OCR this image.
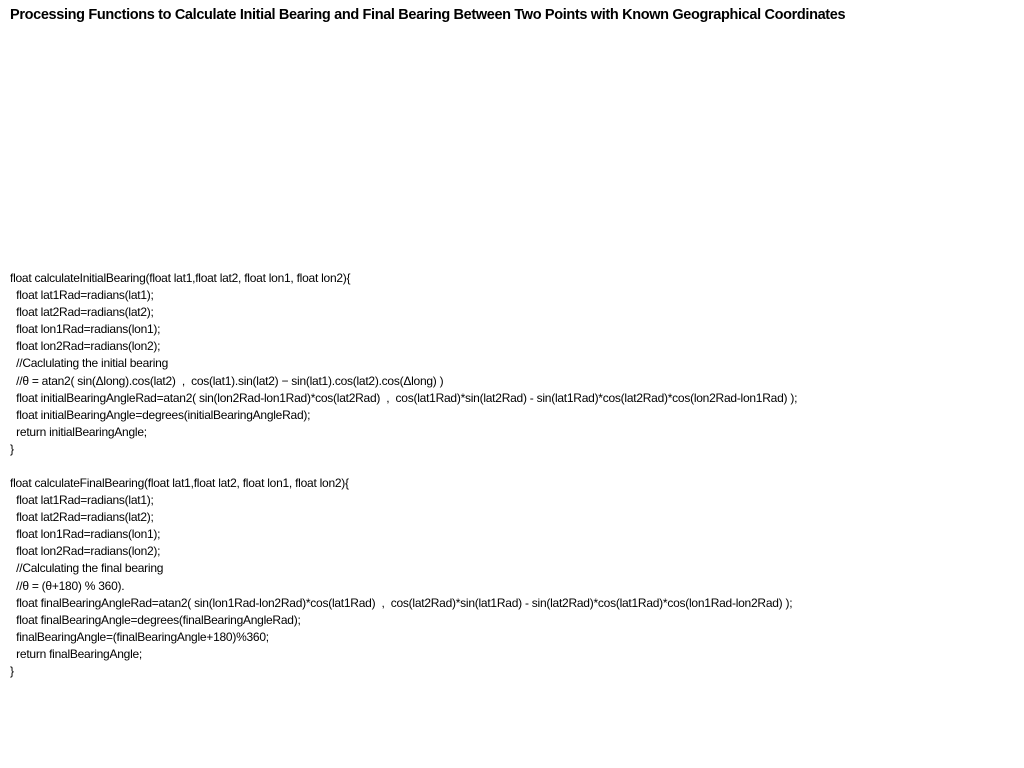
Processing Functions to Calculate Initial Bearing and Final Bearing Between Two Points with Known Geographical Coordinates
float calculateInitialBearing(float lat1,float lat2, float lon1, float lon2){
float lat1Rad=radians(lat1);
float lat2Rad=radians(lat2);
float lon1Rad=radians(lon1);
float lon2Rad=radians(lon2);
//Caclulating the initial bearing
//θ = atan2( sin(Δlong).cos(lat2)  ,  cos(lat1).sin(lat2) − sin(lat1).cos(lat2).cos(Δlong) )
float initialBearingAngleRad=atan2( sin(lon2Rad-lon1Rad)*cos(lat2Rad)  ,  cos(lat1Rad)*sin(lat2Rad) - sin(lat1Rad)*cos(lat2Rad)*cos(lon2Rad-lon1Rad) );
float initialBearingAngle=degrees(initialBearingAngleRad);
return initialBearingAngle;
}
float calculateFinalBearing(float lat1,float lat2, float lon1, float lon2){
float lat1Rad=radians(lat1);
float lat2Rad=radians(lat2);
float lon1Rad=radians(lon1);
float lon2Rad=radians(lon2);
//Calculating the final bearing
//θ = (θ+180) % 360).
float finalBearingAngleRad=atan2( sin(lon1Rad-lon2Rad)*cos(lat1Rad)  ,  cos(lat2Rad)*sin(lat1Rad) - sin(lat2Rad)*cos(lat1Rad)*cos(lon1Rad-lon2Rad) );
float finalBearingAngle=degrees(finalBearingAngleRad);
finalBearingAngle=(finalBearingAngle+180)%360;
return finalBearingAngle;
}
